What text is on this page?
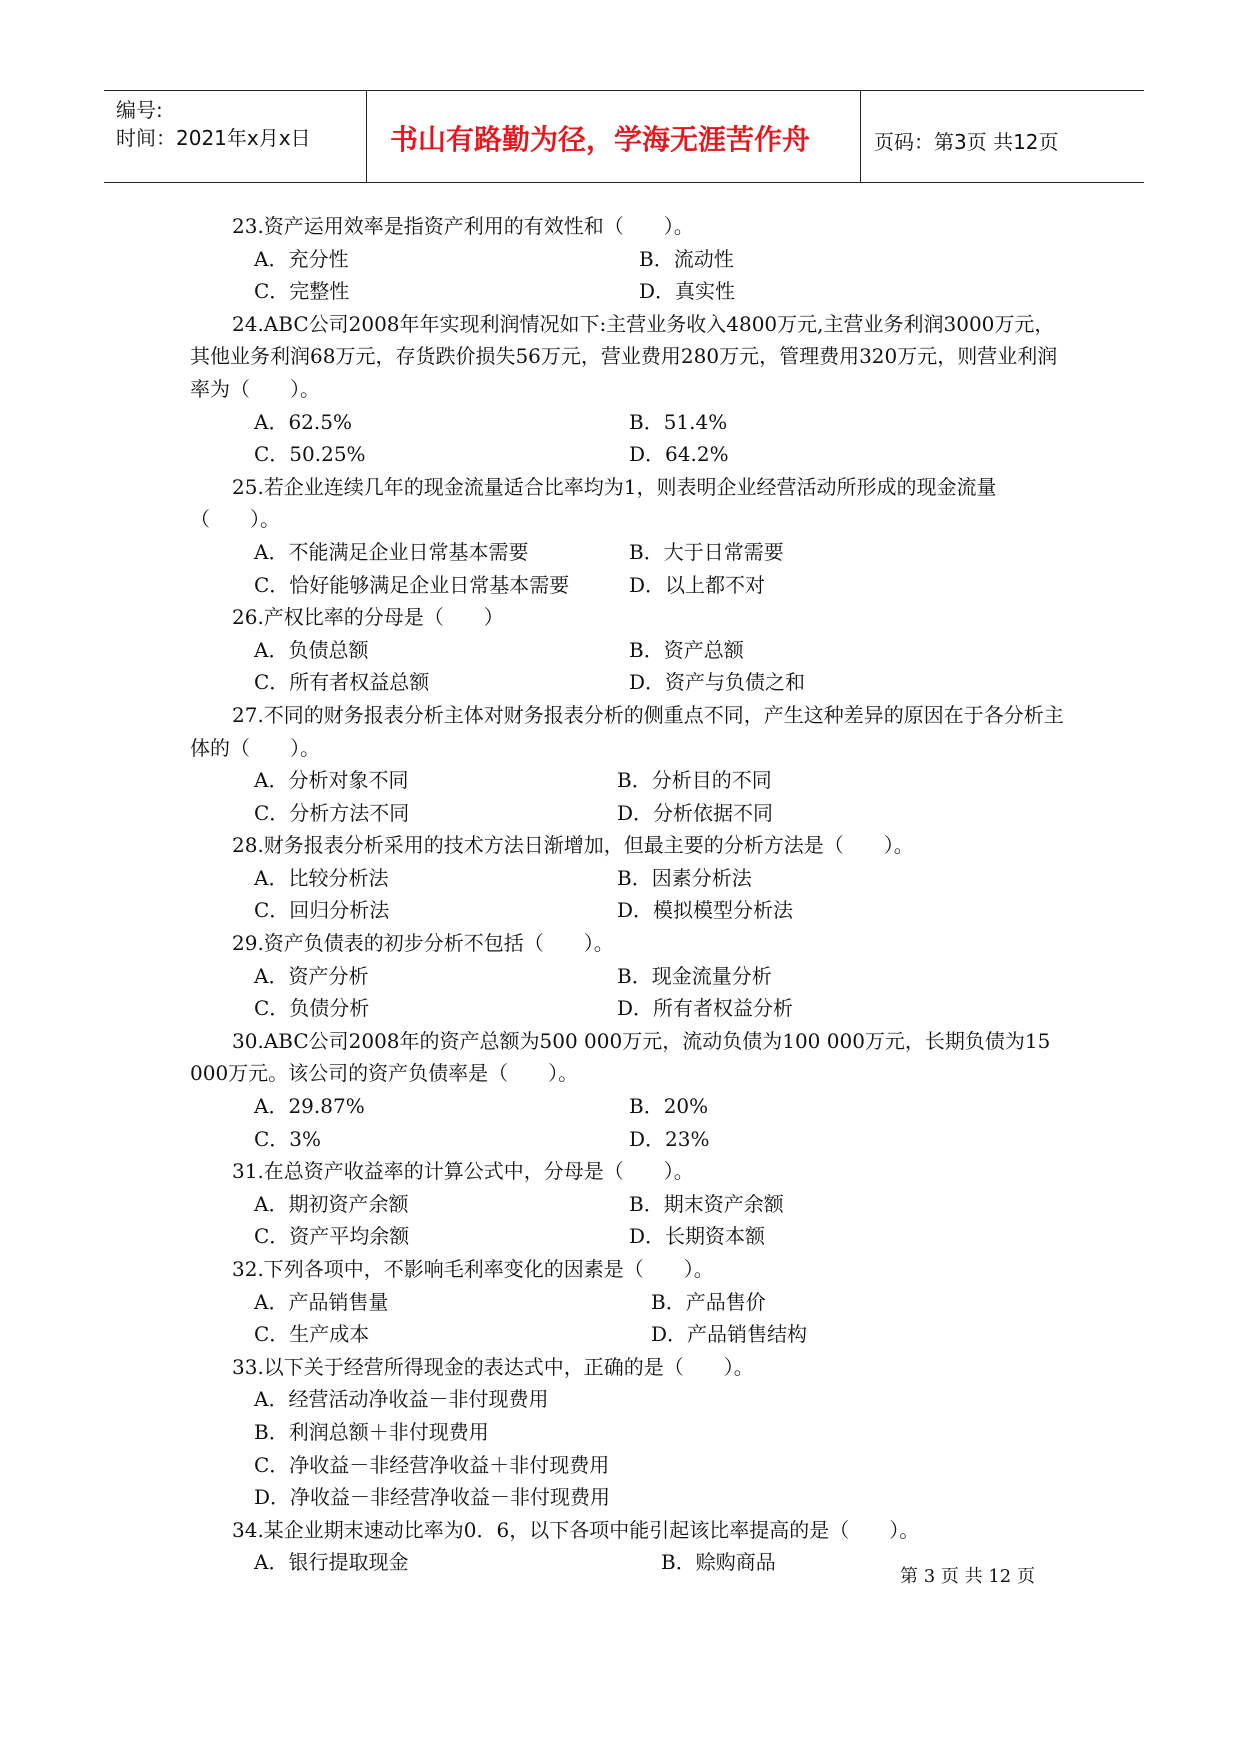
编号:
时间：2021年x月x日	书山有路勤为径，学海无涯苦作舟	页码：第3页 共12页

23.资产运用效率是指资产利用的有效性和（　　）。

A．充分性	B．流动性
C．完整性	D．真实性

24.ABC公司2008年年实现利润情况如下:主营业务收入4800万元,主营业务利润3000万元，其他业务利润68万元，存货跌价损失56万元，营业费用280万元，管理费用320万元，则营业利润率为（　　）。

A．62.5%	B．51.4%
C．50.25%	D．64.2%

25.若企业连续几年的现金流量适合比率均为1，则表明企业经营活动所形成的现金流量（　　）。

A．不能满足企业日常基本需要	B．大于日常需要
C．恰好能够满足企业日常基本需要	D．以上都不对

26.产权比率的分母是（　　）

A．负债总额	B．资产总额
C．所有者权益总额	D．资产与负债之和

27.不同的财务报表分析主体对财务报表分析的侧重点不同，产生这种差异的原因在于各分析主体的（　　）。

A．分析对象不同	B．分析目的不同
C．分析方法不同	D．分析依据不同

28.财务报表分析采用的技术方法日渐增加，但最主要的分析方法是（　　）。

A．比较分析法	B．因素分析法
C．回归分析法	D．模拟模型分析法

29.资产负债表的初步分析不包括（　　）。

A．资产分析	B．现金流量分析
C．负债分析	D．所有者权益分析

30.ABC公司2008年的资产总额为500 000万元，流动负债为100 000万元，长期负债为15 000万元。该公司的资产负债率是（　　）。

A．29.87%	B．20%
C．3%	D．23%

31.在总资产收益率的计算公式中，分母是（　　）。

A．期初资产余额	B．期末资产余额
C．资产平均余额	D．长期资本额

32.下列各项中，不影响毛利率变化的因素是（　　）。

A．产品销售量	B．产品售价
C．生产成本	D．产品销售结构

33.以下关于经营所得现金的表达式中，正确的是（　　）。

A．经营活动净收益－非付现费用

B．利润总额＋非付现费用

C．净收益－非经营净收益＋非付现费用

D．净收益－非经营净收益－非付现费用

34.某企业期末速动比率为0．6，以下各项中能引起该比率提高的是（　　）。

A．银行提取现金	B．赊购商品
第 3 页 共 12 页
